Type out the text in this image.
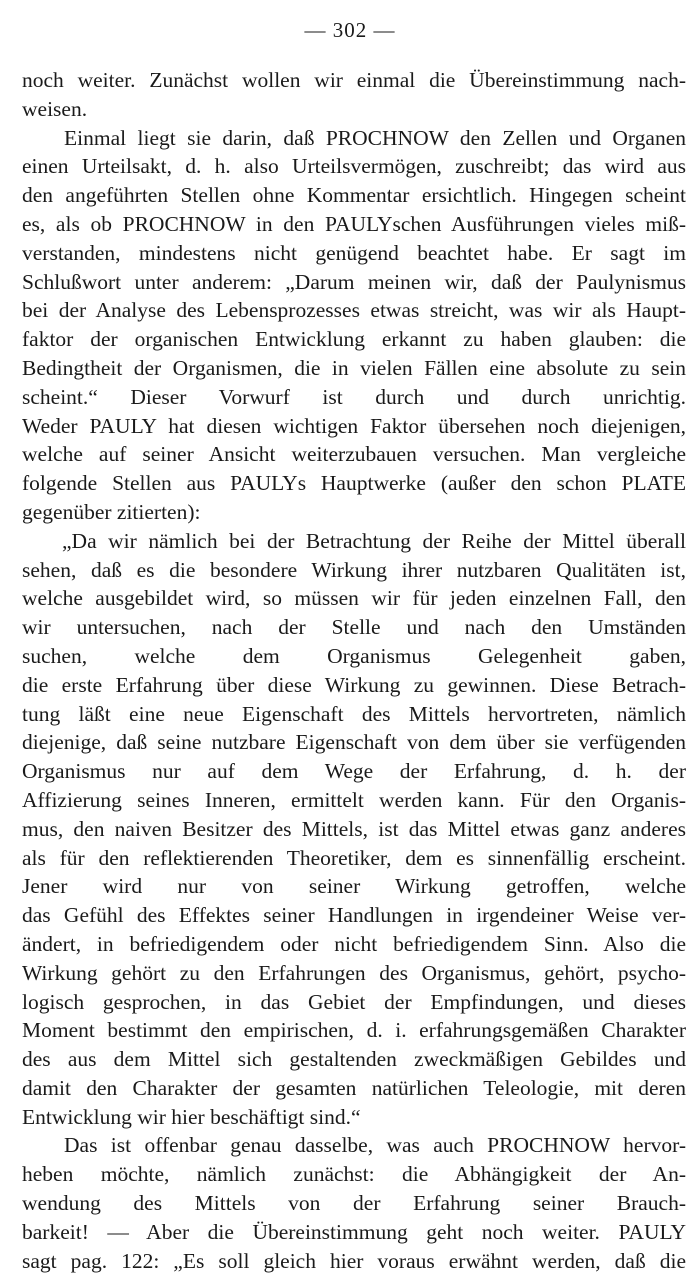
— 302 —
noch weiter. Zunächst wollen wir einmal die Übereinstimmung nach-
weisen.
Einmal liegt sie darin, daß PROCHNOW den Zellen und Organen
einen Urteilsakt, d. h. also Urteilsvermögen, zuschreibt; das wird aus
den angeführten Stellen ohne Kommentar ersichtlich. Hingegen scheint
es, als ob PROCHNOW in den PAULYschen Ausführungen vieles miß-
verstanden, mindestens nicht genügend beachtet habe. Er sagt im
Schlußwort unter anderem: „Darum meinen wir, daß der Paulynismus
bei der Analyse des Lebensprozesses etwas streicht, was wir als Haupt-
faktor der organischen Entwicklung erkannt zu haben glauben: die
Bedingtheit der Organismen, die in vielen Fällen eine absolute zu sein
scheint.“ Dieser Vorwurf ist durch und durch unrichtig.
Weder PAULY hat diesen wichtigen Faktor übersehen noch diejenigen,
welche auf seiner Ansicht weiterzubauen versuchen. Man vergleiche
folgende Stellen aus PAULYs Hauptwerke (außer den schon PLATE
gegenüber zitierten):
„Da wir nämlich bei der Betrachtung der Reihe der Mittel überall
sehen, daß es die besondere Wirkung ihrer nutzbaren Qualitäten ist,
welche ausgebildet wird, so müssen wir für jeden einzelnen Fall, den
wir untersuchen, nach der Stelle und nach den Umständen
suchen, welche dem Organismus Gelegenheit gaben,
die erste Erfahrung über diese Wirkung zu gewinnen. Diese Betrach-
tung läßt eine neue Eigenschaft des Mittels hervortreten, nämlich
diejenige, daß seine nutzbare Eigenschaft von dem über sie verfügenden
Organismus nur auf dem Wege der Erfahrung, d. h. der
Affizierung seines Inneren, ermittelt werden kann. Für den Organis-
mus, den naiven Besitzer des Mittels, ist das Mittel etwas ganz anderes
als für den reflektierenden Theoretiker, dem es sinnenfällig erscheint.
Jener wird nur von seiner Wirkung getroffen, welche
das Gefühl des Effektes seiner Handlungen in irgendeiner Weise ver-
ändert, in befriedigendem oder nicht befriedigendem Sinn. Also die
Wirkung gehört zu den Erfahrungen des Organismus, gehört, psycho-
logisch gesprochen, in das Gebiet der Empfindungen, und dieses
Moment bestimmt den empirischen, d. i. erfahrungsgemäßen Charakter
des aus dem Mittel sich gestaltenden zweckmäßigen Gebildes und
damit den Charakter der gesamten natürlichen Teleologie, mit deren
Entwicklung wir hier beschäftigt sind.“
Das ist offenbar genau dasselbe, was auch PROCHNOW hervor-
heben möchte, nämlich zunächst: die Abhängigkeit der An-
wendung des Mittels von der Erfahrung seiner Brauch-
barkeit! — Aber die Übereinstimmung geht noch weiter. PAULY
sagt pag. 122: „Es soll gleich hier voraus erwähnt werden, daß die
